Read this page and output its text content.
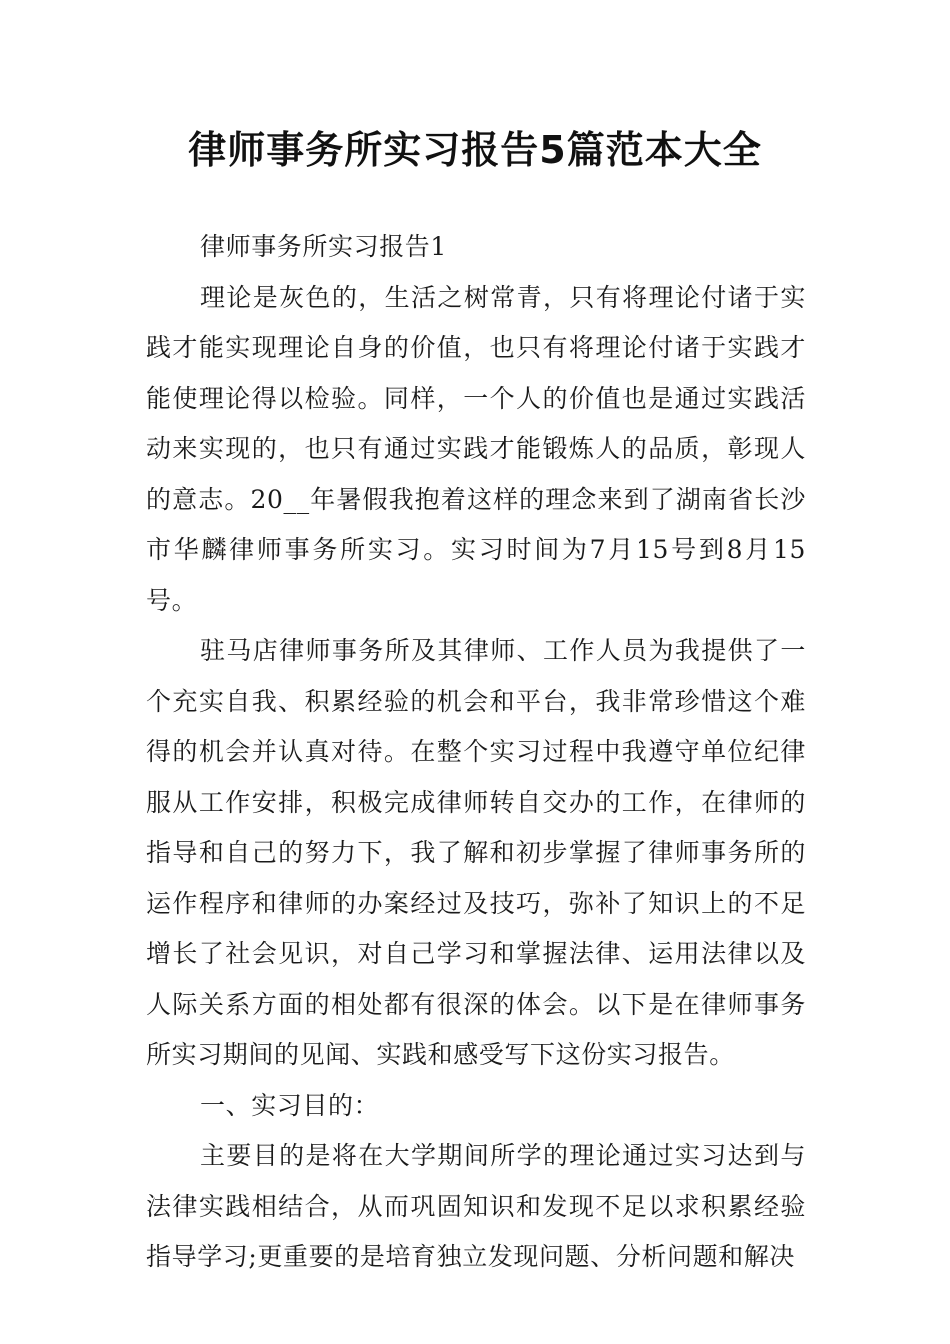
律师事务所实习报告5篇范本大全

律师事务所实习报告1

理论是灰色的，生活之树常青，只有将理论付诸于实践才能实现理论自身的价值，也只有将理论付诸于实践才能使理论得以检验。同样，一个人的价值也是通过实践活动来实现的，也只有通过实践才能锻炼人的品质，彰现人的意志。20__年暑假我抱着这样的理念来到了湖南省长沙市华麟律师事务所实习。实习时间为7月15号到8月15号。

驻马店律师事务所及其律师、工作人员为我提供了一个充实自我、积累经验的机会和平台，我非常珍惜这个难得的机会并认真对待。在整个实习过程中我遵守单位纪律服从工作安排，积极完成律师转自交办的工作，在律师的指导和自己的努力下，我了解和初步掌握了律师事务所的运作程序和律师的办案经过及技巧，弥补了知识上的不足增长了社会见识，对自己学习和掌握法律、运用法律以及人际关系方面的相处都有很深的体会。以下是在律师事务所实习期间的见闻、实践和感受写下这份实习报告。

一、实习目的：

主要目的是将在大学期间所学的理论通过实习达到与法律实践相结合，从而巩固知识和发现不足以求积累经验指导学习;更重要的是培育独立发现问题、分析问题和解决
